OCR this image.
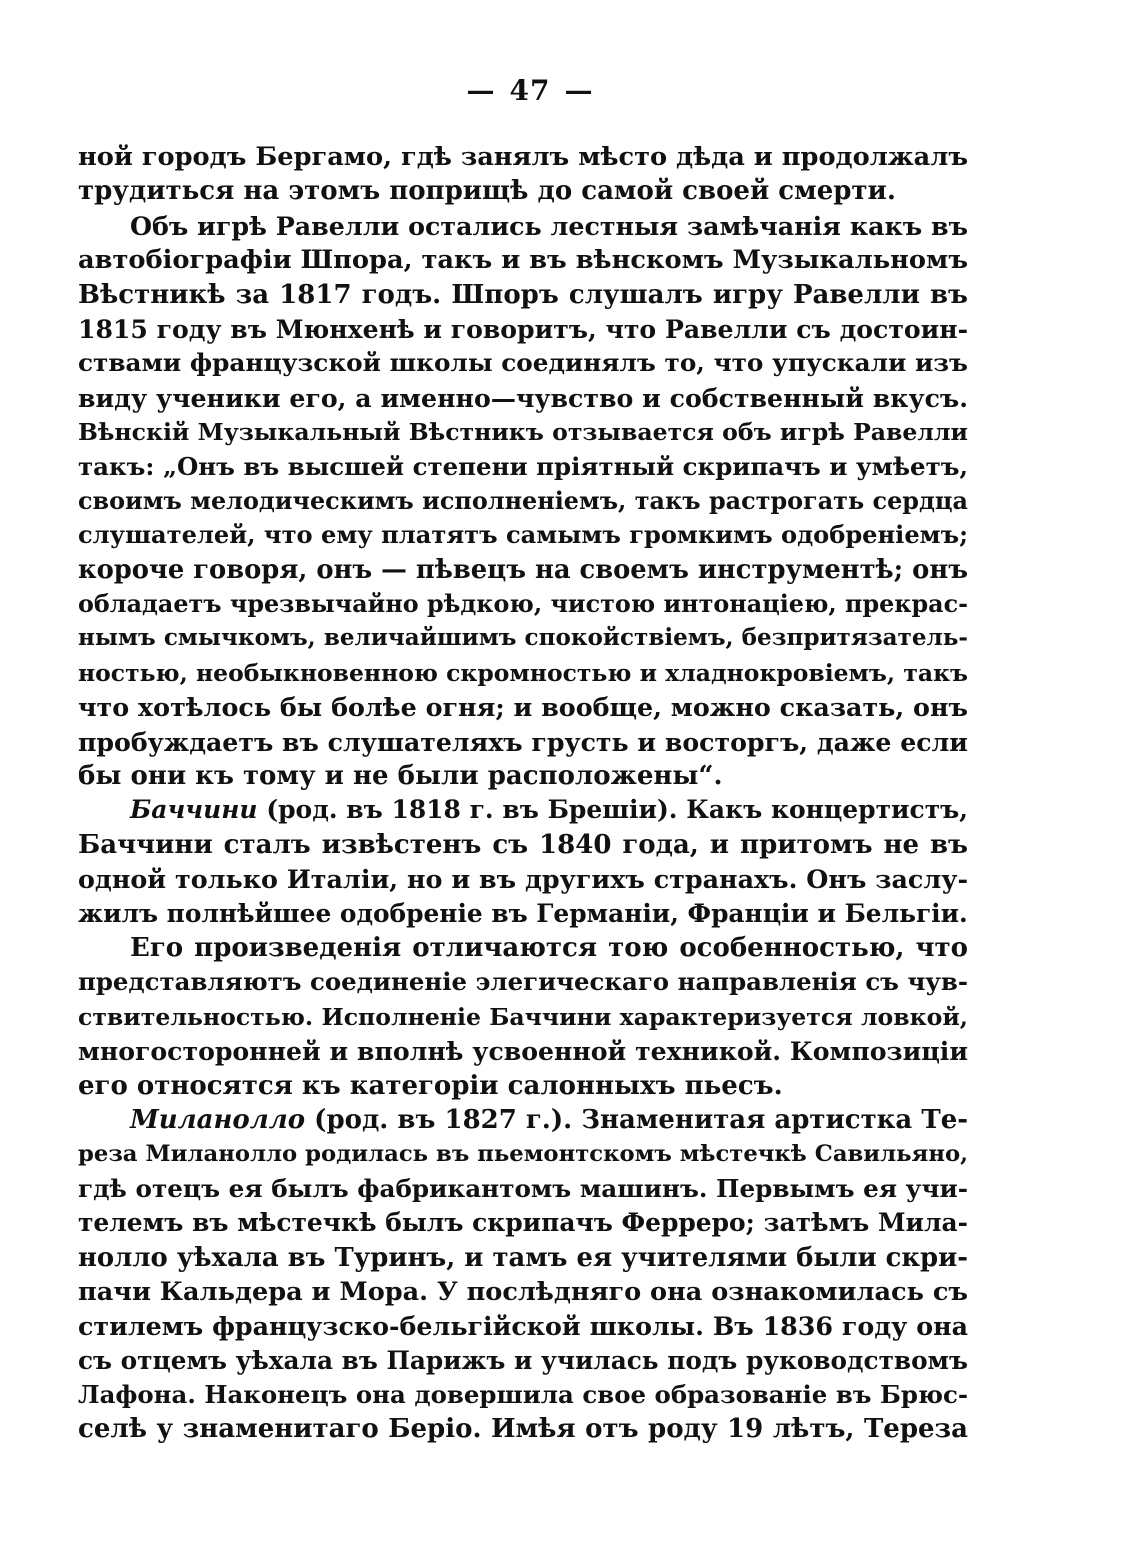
— 47 —
ной городъ Бергамо, гдѣ занялъ мѣсто дѣда и продолжалъ
трудиться на этомъ поприщѣ до самой своей смерти.
Объ игрѣ Равелли остались лестныя замѣчанія какъ въ
автобіографіи Шпора, такъ и въ вѣнскомъ Музыкальномъ
Вѣстникѣ за 1817 годъ. Шпоръ слушалъ игру Равелли въ
1815 году въ Мюнхенѣ и говоритъ, что Равелли съ достоин-
ствами французской школы соединялъ то, что упускали изъ
виду ученики его, а именно—чувство и собственный вкусъ.
Вѣнскій Музыкальный Вѣстникъ отзывается объ игрѣ Равелли
такъ: „Онъ въ высшей степени пріятный скрипачъ и умѣетъ,
своимъ мелодическимъ исполненіемъ, такъ растрогать сердца
слушателей, что ему платятъ самымъ громкимъ одобреніемъ;
короче говоря, онъ — пѣвецъ на своемъ инструментѣ; онъ
обладаетъ чрезвычайно рѣдкою, чистою интонаціею, прекрас-
нымъ смычкомъ, величайшимъ спокойствіемъ, безпритязатель-
ностью, необыкновенною скромностью и хладнокровіемъ, такъ
что хотѣлось бы болѣе огня; и вообще, можно сказать, онъ
пробуждаетъ въ слушателяхъ грусть и восторгъ, даже если
бы они къ тому и не были расположены“.
Баччини (род. въ 1818 г. въ Брешіи). Какъ концертистъ,
Баччини сталъ извѣстенъ съ 1840 года, и притомъ не въ
одной только Италіи, но и въ другихъ странахъ. Онъ заслу-
жилъ полнѣйшее одобреніе въ Германіи, Франціи и Бельгіи.
Его произведенія отличаются тою особенностью, что
представляютъ соединеніе элегическаго направленія съ чув-
ствительностью. Исполненіе Баччини характеризуется ловкой,
многосторонней и вполнѣ усвоенной техникой. Композиціи
его относятся къ категоріи салонныхъ пьесъ.
Миланолло (род. въ 1827 г.). Знаменитая артистка Те-
реза Миланолло родилась въ пьемонтскомъ мѣстечкѣ Савильяно,
гдѣ отецъ ея былъ фабрикантомъ машинъ. Первымъ ея учи-
телемъ въ мѣстечкѣ былъ скрипачъ Ферреро; затѣмъ Мила-
нолло уѣхала въ Туринъ, и тамъ ея учителями были скри-
пачи Кальдера и Мора. У послѣдняго она ознакомилась съ
стилемъ французско-бельгійской школы. Въ 1836 году она
съ отцемъ уѣхала въ Парижъ и училась подъ руководствомъ
Лафона. Наконецъ она довершила свое образованіе въ Брюс-
селѣ у знаменитаго Беріо. Имѣя отъ роду 19 лѣтъ, Тереза
